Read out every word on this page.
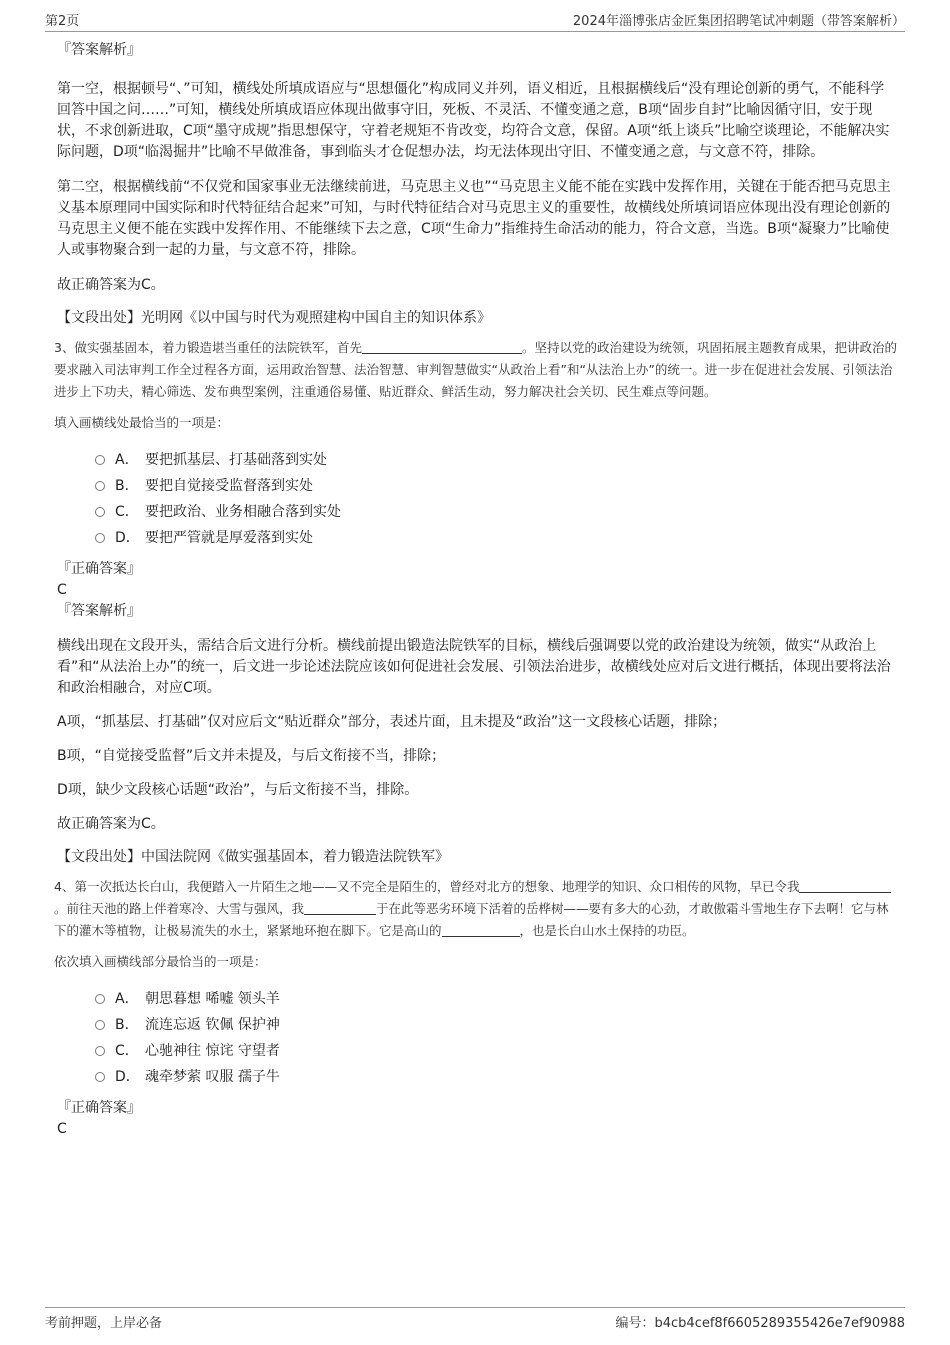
第2页	2024年淄博张店金匠集团招聘笔试冲刺题（带答案解析）
『答案解析』
第一空，根据顿号“、”可知，横线处所填成语应与“思想僵化”构成同义并列，语义相近，且根据横线后“没有理论创新的勇气，不能科学回答中国之问……”可知，横线处所填成语应体现出做事守旧，死板、不灵活、不懂变通之意，B项“固步自封”比喻因循守旧，安于现状，不求创新进取，C项“墨守成规”指思想保守，守着老规矩不肯改变，均符合文意，保留。A项“纸上谈兵”比喻空谈理论，不能解决实际问题，D项“临渴掘井”比喻不早做准备，事到临头才仓促想办法，均无法体现出守旧、不懂变通之意，与文意不符，排除。
第二空，根据横线前“不仅党和国家事业无法继续前进，马克思主义也”“马克思主义能不能在实践中发挥作用，关键在于能否把马克思主义基本原理同中国实际和时代特征结合起来”可知，与时代特征结合对马克思主义的重要性，故横线处所填词语应体现出没有理论创新的马克思主义便不能在实践中发挥作用、不能继续下去之意，C项“生命力”指维持生命活动的能力，符合文意，当选。B项“凝聚力”比喻使人或事物聚合到一起的力量，与文意不符，排除。
故正确答案为C。
【文段出处】光明网《以中国与时代为观照建构中国自主的知识体系》
3、做实强基固本，着力锻造堪当重任的法院铁军，首先	。坚持以党的政治建设为统领，巩固拓展主题教育成果，把讲政治的要求融入司法审判工作全过程各方面，运用政治智慧、法治智慧、审判智慧做实“从政治上看”和“从法治上办”的统一。进一步在促进社会发展、引领法治进步上下功夫，精心筛选、发布典型案例，注重通俗易懂、贴近群众、鲜活生动，努力解决社会关切、民生难点等问题。
填入画横线处最恰当的一项是：
A． 要把抓基层、打基础落到实处
B． 要把自觉接受监督落到实处
C． 要把政治、业务相融合落到实处
D． 要把严管就是厚爱落到实处
『正确答案』
C
『答案解析』
横线出现在文段开头，需结合后文进行分析。横线前提出锻造法院铁军的目标，横线后强调要以党的政治建设为统领，做实“从政治上看”和“从法治上办”的统一，后文进一步论述法院应该如何促进社会发展、引领法治进步，故横线处应对后文进行概括，体现出要将法治和政治相融合，对应C项。
A项，“抓基层、打基础”仅对应后文“贴近群众”部分，表述片面，且未提及“政治”这一文段核心话题，排除；
B项，“自觉接受监督”后文并未提及，与后文衔接不当，排除；
D项，缺少文段核心话题“政治”，与后文衔接不当，排除。
故正确答案为C。
【文段出处】中国法院网《做实强基固本，着力锻造法院铁军》
4、第一次抵达长白山，我便踏入一片陌生之地——又不完全是陌生的，曾经对北方的想象、地理学的知识、众口相传的风物，早已令我。前往天池的路上伴着寒冷、大雪与强风，我	于在此等恶劣环境下活着的岳桦树——要有多大的心劲，才敢傲霜斗雪地生存下去啊！它与林下的灌木等植物，让极易流失的水土，紧紧地环抱在脚下。它是高山的	，也是长白山水土保持的功臣。
依次填入画横线部分最恰当的一项是：
A． 朝思暮想 唏嘘 领头羊
B． 流连忘返 钦佩 保护神
C． 心驰神往 惊诧 守望者
D． 魂牵梦萦 叹服 孺子牛
『正确答案』
C
考前押题，上岸必备	编号：b4cb4cef8f6605289355426e7ef90988
